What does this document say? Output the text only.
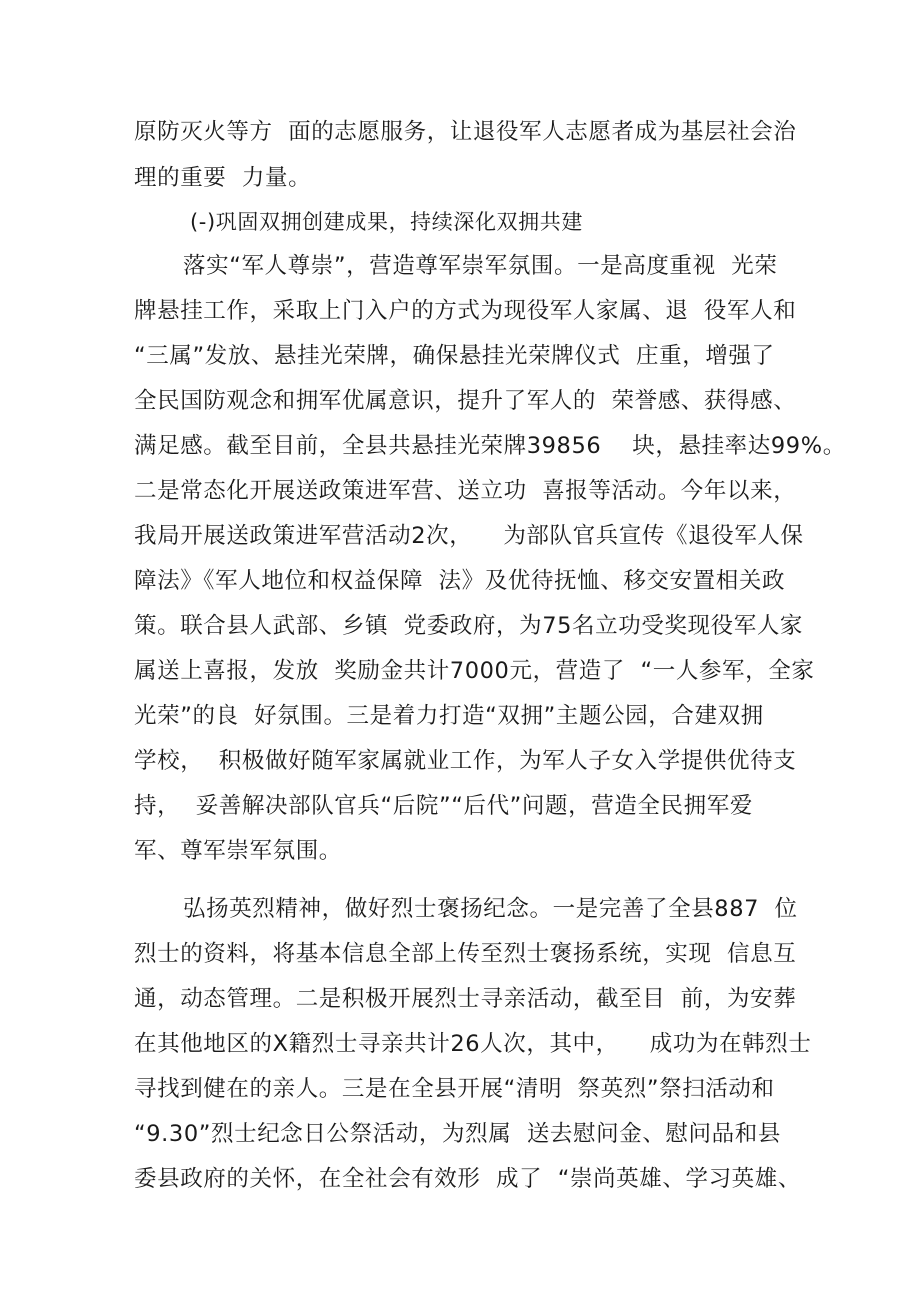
原防灭火等方  面的志愿服务，让退役军人志愿者成为基层社会治
理的重要  力量。
(-)巩固双拥创建成果，持续深化双拥共建
落实“军人尊崇”，营造尊军崇军氛围。一是高度重视  光荣
牌悬挂工作，采取上门入户的方式为现役军人家属、退  役军人和
“三属”发放、悬挂光荣牌，确保悬挂光荣牌仪式  庄重，增强了
全民国防观念和拥军优属意识，提升了军人的  荣誉感、获得感、
满足感。截至目前，全县共悬挂光荣牌39856    块，悬挂率达99%。
二是常态化开展送政策进军营、送立功  喜报等活动。今年以来，
我局开展送政策进军营活动2次，    为部队官兵宣传《退役军人保
障法》《军人地位和权益保障  法》及优待抚恤、移交安置相关政
策。联合县人武部、乡镇  党委政府，为75名立功受奖现役军人家
属送上喜报，发放  奖励金共计7000元，营造了  “一人参军，全家
光荣”的良  好氛围。三是着力打造“双拥”主题公园，合建双拥
学校，  积极做好随军家属就业工作，为军人子女入学提供优待支
持，  妥善解决部队官兵“后院”“后代”问题，营造全民拥军爱
军、尊军崇军氛围。
弘扬英烈精神，做好烈士褒扬纪念。一是完善了全县887  位
烈士的资料，将基本信息全部上传至烈士褒扬系统，实现  信息互
通，动态管理。二是积极开展烈士寻亲活动，截至目  前，为安葬
在其他地区的X籍烈士寻亲共计26人次，其中，    成功为在韩烈士
寻找到健在的亲人。三是在全县开展“清明  祭英烈”祭扫活动和
“9.30”烈士纪念日公祭活动，为烈属  送去慰问金、慰问品和县
委县政府的关怀，在全社会有效形  成了  “崇尚英雄、学习英雄、
